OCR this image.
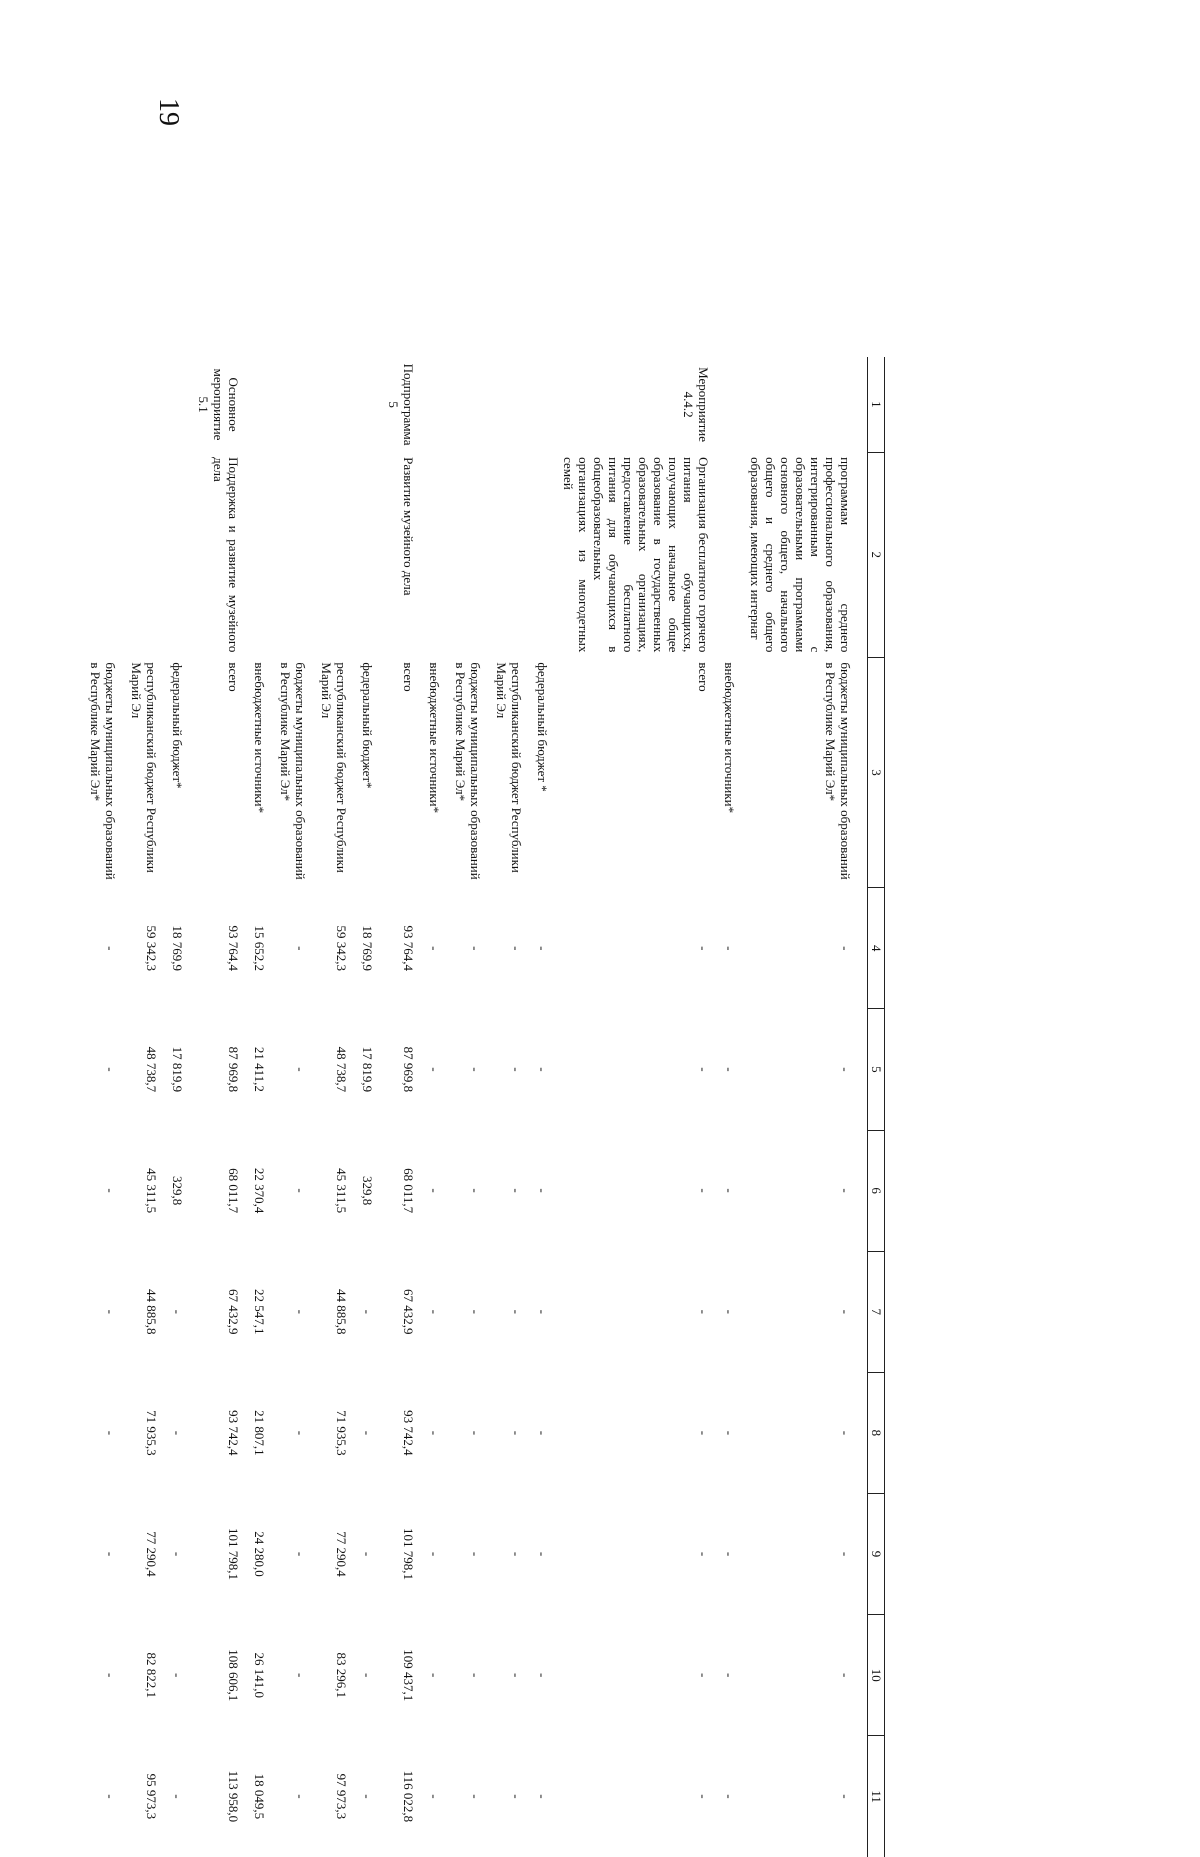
19
1	2	3	4	5	6	7	8	9	10	11

	программам среднего профессионального образования, интегрированным с образовательными программами основного общего, начального общего и среднего общего образования, имеющих интернат	бюджеты муниципальных образований в Республике Марий Эл*	-	-	-	-	-	-	-	-
		внебюджетные источники*	-	-	-	-	-	-	-	-
Мероприятие 4.4.2	Организация бесплатного горячего питания обучающихся, получающих начальное общее образование в государственных образовательных организациях, предоставление бесплатного питания для обучающихся в общеобразовательных организациях из многодетных семей	всего	-	-	-	-	-	-	-	-
		федеральный бюджет *	-	-	-	-	-	-	-	-
		республиканский бюджет Республики Марий Эл	-	-	-	-	-	-	-	-
		бюджеты муниципальных образований в Республике Марий Эл*	-	-	-	-	-	-	-	-
		внебюджетные источники*	-	-	-	-	-	-	-	-
Подпрограмма 5	Развитие музейного дела	всего	93 764,4	87 969,8	68 011,7	67 432,9	93 742,4	101 798,1	109 437,1	116 022,8
		федеральный бюджет*	18 769,9	17 819,9	329,8	-	-	-	-	-
		республиканский бюджет Республики Марий Эл	59 342,3	48 738,7	45 311,5	44 885,8	71 935,3	77 290,4	83 296,1	97 973,3
		бюджеты муниципальных образований в Республике Марий Эл*	-	-	-	-	-	-	-	-
		внебюджетные источники*	15 652,2	21 411,2	22 370,4	22 547,1	21 807,1	24 280,0	26 141,0	18 049,5
Основное мероприятие 5.1	Поддержка и развитие музейного дела	всего	93 764,4	87 969,8	68 011,7	67 432,9	93 742,4	101 798,1	108 606,1	113 958,0
		федеральный бюджет*	18 769,9	17 819,9	329,8	-	-	-	-	-
		республиканский бюджет Республики Марий Эл	59 342,3	48 738,7	45 311,5	44 885,8	71 935,3	77 290,4	82 822,1	95 973,3
		бюджеты муниципальных образований в Республике Марий Эл*	-	-	-	-	-	-	-	-
